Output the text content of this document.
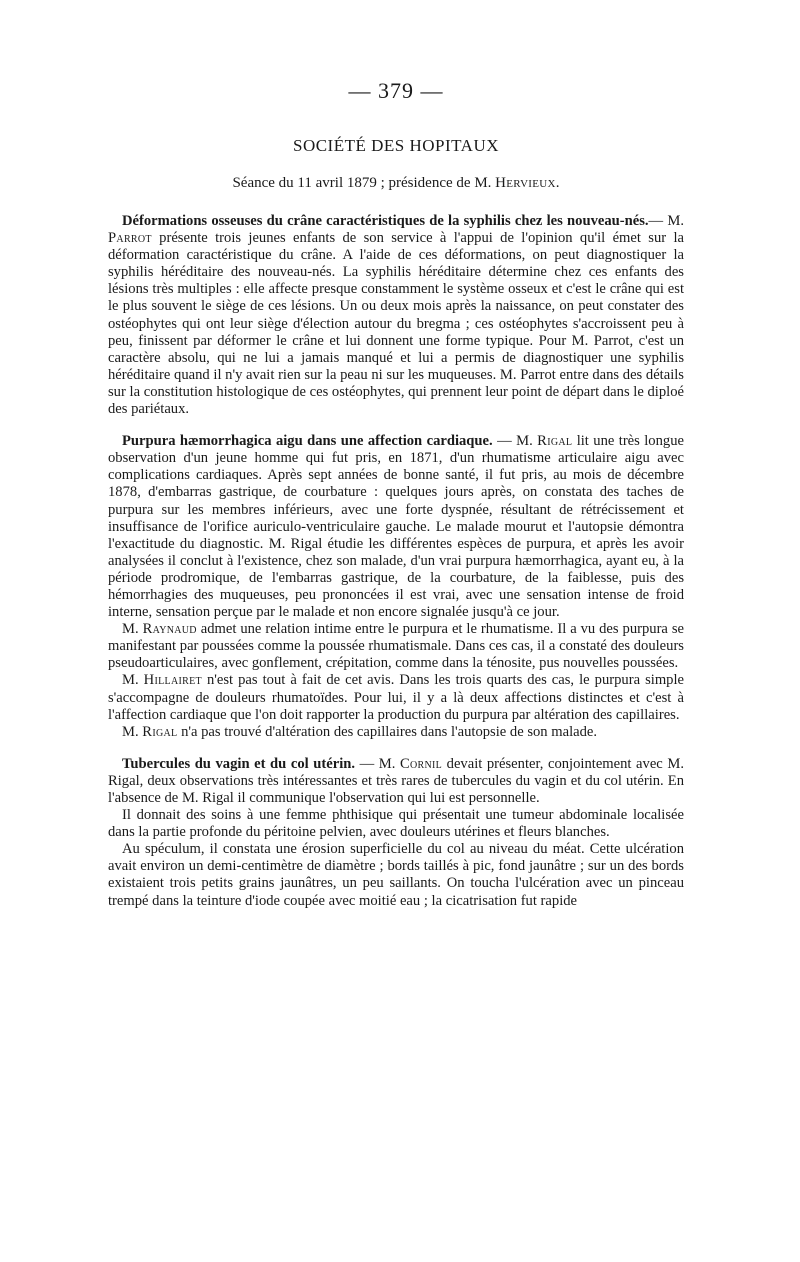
— 379 —
SOCIÉTÉ DES HOPITAUX
Séance du 11 avril 1879 ; présidence de M. Hervieux.

Déformations osseuses du crâne caractéristiques de la syphilis chez les nouveau-nés.— M. Parrot présente trois jeunes enfants de son service à l'appui de l'opinion qu'il émet sur la déformation caractéristique du crâne. A l'aide de ces déformations, on peut diagnostiquer la syphilis héréditaire des nouveau-nés. La syphilis héréditaire détermine chez ces enfants des lésions très multiples : elle affecte presque constamment le système osseux et c'est le crâne qui est le plus souvent le siège de ces lésions. Un ou deux mois après la naissance, on peut constater des ostéophytes qui ont leur siège d'élection autour du bregma ; ces ostéophytes s'accroissent peu à peu, finissent par déformer le crâne et lui donnent une forme typique. Pour M. Parrot, c'est un caractère absolu, qui ne lui a jamais manqué et lui a permis de diagnostiquer une syphilis héréditaire quand il n'y avait rien sur la peau ni sur les muqueuses. M. Parrot entre dans des détails sur la constitution histologique de ces ostéophytes, qui prennent leur point de départ dans le diploé des pariétaux.

Purpura hæmorrhagica aigu dans une affection cardiaque. — M. Rigal lit une très longue observation d'un jeune homme qui fut pris, en 1871, d'un rhumatisme articulaire aigu avec complications cardiaques. Après sept années de bonne santé, il fut pris, au mois de décembre 1878, d'embarras gastrique, de courbature : quelques jours après, on constata des taches de purpura sur les membres inférieurs, avec une forte dyspnée, résultant de rétrécissement et insuffisance de l'orifice auriculo-ventriculaire gauche. Le malade mourut et l'autopsie démontra l'exactitude du diagnostic. M. Rigal étudie les différentes espèces de purpura, et après les avoir analysées il conclut à l'existence, chez son malade, d'un vrai purpura hæmorrhagica, ayant eu, à la période prodromique, de l'embarras gastrique, de la courbature, de la faiblesse, puis des hémorrhagies des muqueuses, peu prononcées il est vrai, avec une sensation intense de froid interne, sensation perçue par le malade et non encore signalée jusqu'à ce jour.

M. Raynaud admet une relation intime entre le purpura et le rhumatisme. Il a vu des purpura se manifestant par poussées comme la poussée rhumatismale. Dans ces cas, il a constaté des douleurs pseudoarticulaires, avec gonflement, crépitation, comme dans la ténosite, pus nouvelles poussées.

M. Hillairet n'est pas tout à fait de cet avis. Dans les trois quarts des cas, le purpura simple s'accompagne de douleurs rhumatoïdes. Pour lui, il y a là deux affections distinctes et c'est à l'affection cardiaque que l'on doit rapporter la production du purpura par altération des capillaires.

M. Rigal n'a pas trouvé d'altération des capillaires dans l'autopsie de son malade.

Tubercules du vagin et du col utérin. — M. Cornil devait présenter, conjointement avec M. Rigal, deux observations très intéressantes et très rares de tubercules du vagin et du col utérin. En l'absence de M. Rigal il communique l'observation qui lui est personnelle.

Il donnait des soins à une femme phthisique qui présentait une tumeur abdominale localisée dans la partie profonde du péritoine pelvien, avec douleurs utérines et fleurs blanches.

Au spéculum, il constata une érosion superficielle du col au niveau du méat. Cette ulcération avait environ un demi-centimètre de diamètre ; bords taillés à pic, fond jaunâtre ; sur un des bords existaient trois petits grains jaunâtres, un peu saillants. On toucha l'ulcération avec un pinceau trempé dans la teinture d'iode coupée avec moitié eau ; la cicatrisation fut rapide
